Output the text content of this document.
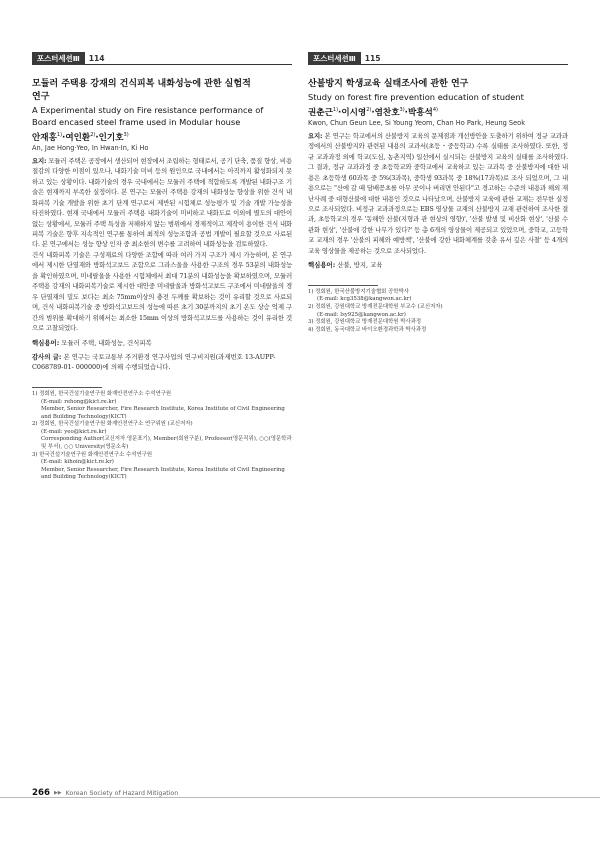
포스터세션Ⅲ	114
모듈러 주택용 강재의 건식피복 내화성능에 관한 실험적
연구
A Experimental study on Fire resistance performance of
Board encased steel frame used in Modular house
안재홍$^{1)}$·여인환$^{2)}$·인기호$^{3)}$
An, Jae Hong·Yeo, In Hwan·In, Ki Ho
요지: 모듈러 주택은 공장에서 생산되어 현장에서 조립하는 형태로서, 공기 단축, 품질 향상, 비용 절감의 다양한 이점이 있으나, 내화기술 미비 등의 원인으로 국내에서는 아직까지 활성화되지 못하고 있는 상황이다. 내화기술의 경우 국내에서는 모듈러 주택에 적합하도록 개발된 내화구조 기술은 현재까지 부족한 실정이다. 본 연구는 모듈러 주택용 강재의 내화성능 향상을 위한 건식 내화피복 기술 개발을 위한 초기 단계 연구로서 제반된 시험체로 성능평가 및 기술 개발 가능성을 타진하였다. 현재 국내에서 모듈러 주택용 내화기술이 미비하고 내화도료 이외에 별도의 대안이 없는 상황에서, 모듈러 주택 특성을 저해하지 않는 범위에서 경제적이고 제작이 용이한 건식 내화피복 기술은 향후 지속적인 연구를 통하여 최적의 성능조합과 공법 개발이 필요할 것으로 사료된다. 본 연구에서는 성능 향상 인자 중 최소한의 변수를 고려하여 내화성능을 검토하였다.
건식 내화피복 기술은 구성재료의 다양한 조합에 따라 여러 가지 구조가 제시 가능하며, 본 연구에서 제시한 단열재와 방화석고보드 조합으로 그라스울을 사용한 구조의 경우 53분의 내화성능을 확인하였으며, 미네랄울을 사용한 시험체에서 최대 71분의 내화성능을 확보하였으며, 모듈러 주택용 강재의 내화피복기술로 제시한 대안중 미네랄울과 방화석고보드 구조에서 미네랄울의 경우 단열재의 밀도 보다는 최소 75mm이상의 충전 두께를 확보하는 것이 유리할 것으로 사료되며, 건식 내화피복기술 중 방화석고보드의 성능에 따른 초기 30분까지의 초기 온도 상승 억제 구간의 범위를 확대하기 위해서는 최소한 15mm 이상의 방화석고보드를 사용하는 것이 유리한 것으로 고찰되었다.
핵심용어: 모듈러 주택, 내화성능, 건식피복
감사의 글: 본 연구는 국토교통부 주거환경 연구사업의 연구비지원(과제번호 13-AUPP-C068789-01- 000000)에 의해 수행되었습니다.
1) 정회원, 한국건설기술연구원 화재안전연구소 수석연구원
(E-mail: rehong@kict.re.kr)
Member, Senior Researcher, Fire Research Institute, Korea Institute of Civil Engineering and Building Technology(KICT)
2) 정회원, 한국건설기술연구원 화재안전연구소 연구위원 (교신저자)
(E-mail: yeo@kict.re.kr)
Corresponding Author(교신저자 영문표기), Member(회원구분), Professor(영문직위), ○○(영문학과 및 부서), ○○ University(영문소속)
3) 한국건설기술연구원 화재안전연구소 수석연구원
(E-mail: kihoin@kict.re.kr)
Member, Senior Researcher, Fire Research Institute, Korea Institute of Civil Engineering and Building Technology(KICT)
포스터세션Ⅲ	115
산불방지 학생교육 실태조사에 관한 연구
Study on forest fire prevention education of student
권춘근$^{1)}$·이시영$^{2)}$·염찬호$^{3)}$·박흥석$^{4)}$
Kwon, Chun Geun Lee, Si Young Yeom, Chan Ho Park, Heung Seok
요지: 본 연구는 학교에서의 산불방지 교육의 문제점과 개선방안을 도출하기 위하여 정규 교과과정에서의 산불방지와 관련된 내용의 교과서(초등・중등학교) 수록 실태를 조사하였다. 또한, 정규 교과과정 외에 학교(도심, 농촌지역) 일선에서 실시되는 산불방지 교육의 실태를 조사하였다. 그 결과, 정규 교과과정 중 초등학교와 중학교에서 교육하고 있는 교과목 중 산불방지에 대한 내용은 초등학생 60과목 중 5%(3과목), 중학생 93과목 중 18%(17과목)로 조사 되었으며, 그 내용으로는 "산에 갈 때 담배꽁초를 아무 곳이나 버리면 안된다"고 경고하는 수준의 내용과 해외 재난사례 중 대형산불에 대한 내용인 것으로 나타났으며, 산불방지 교육에 관한 교재는 전무한 실정으로 조사되었다. 비정규 교과과정으로는 EBS 영상물 교재의 산불방지 교재 관련하여 조사한 결과, 초등학교의 경우 '동해안 산불(지형과 관 현상의 영향)', '산불 발생 및 비산화 현상', '산불 수관화 현상', '산불에 강한 나무가 있다?' 등 총 6개의 영상물이 제공되고 있었으며, 중학교, 고등학교 교재의 경우 '산불의 피해와 예방책', '산불에 강한 내화체계를 갖춘 유서 깊은 사찰' 등 4개의 교육 영상물을 제공하는 것으로 조사되었다.
핵심용어: 산불, 방지, 교육
1) 정회원, 한국산불방지기술협회 공학박사
(E-mail: kcg3538@kangwon.ac.kr)
2) 정회원, 강원대학교 방재전문대학원 부교수 (교신저자)
(E-mail: lsy925@kangwon.ac.kr)
3) 정회원, 강원대학교 방재전문대학원 박사과정
4) 정회원, 동국대학교 바이오환경과학과 박사과정
266 ▶▶ Korean Society of Hazard Mitigation
